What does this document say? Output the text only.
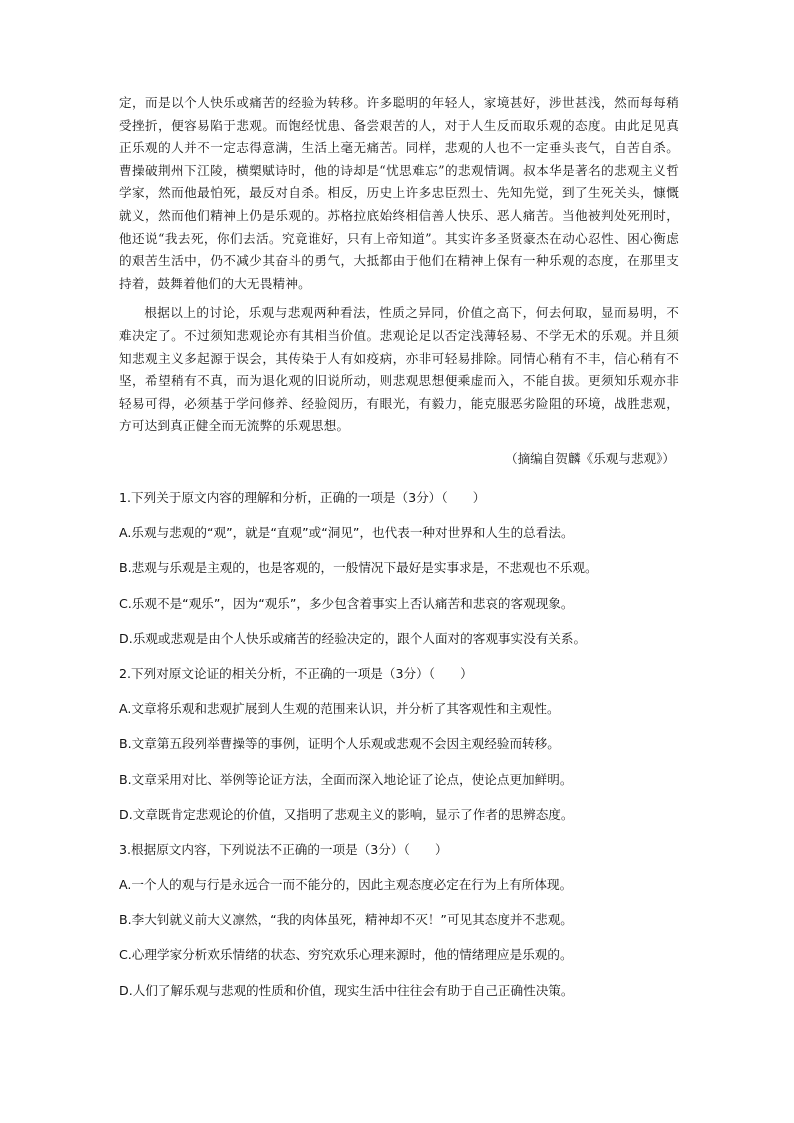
定，而是以个人快乐或痛苦的经验为转移。许多聪明的年轻人，家境甚好，涉世甚浅，然而每每稍受挫折，便容易陷于悲观。而饱经忧患、备尝艰苦的人，对于人生反而取乐观的态度。由此足见真正乐观的人并不一定志得意满，生活上毫无痛苦。同样，悲观的人也不一定垂头丧气，自苦自杀。曹操破荆州下江陵，横槊赋诗时，他的诗却是“忧思难忘”的悲观情调。叔本华是著名的悲观主义哲学家，然而他最怕死，最反对自杀。相反，历史上许多忠臣烈士、先知先觉，到了生死关头，慷慨就义，然而他们精神上仍是乐观的。苏格拉底始终相信善人快乐、恶人痛苦。当他被判处死刑时，他还说“我去死，你们去活。究竟谁好，只有上帝知道”。其实许多圣贤豪杰在动心忍性、困心衡虑的艰苦生活中，仍不减少其奋斗的勇气，大抵都由于他们在精神上保有一种乐观的态度，在那里支持着，鼓舞着他们的大无畏精神。

根据以上的讨论，乐观与悲观两种看法，性质之异同，价值之高下，何去何取，显而易明，不难决定了。不过须知悲观论亦有其相当价值。悲观论足以否定浅薄轻易、不学无术的乐观。并且须知悲观主义多起源于误会，其传染于人有如疫病，亦非可轻易排除。同情心稍有不丰，信心稍有不坚，希望稍有不真，而为退化观的旧说所动，则悲观思想便乘虚而入，不能自拔。更须知乐观亦非轻易可得，必须基于学问修养、经验阅历，有眼光，有毅力，能克服恶劣险阻的环境，战胜悲观，方可达到真正健全而无流弊的乐观思想。

（摘编自贺麟《乐观与悲观》）
1.下列关于原文内容的理解和分析，正确的一项是（3分）（　　）
A.乐观与悲观的“观”，就是“直观”或“洞见”，也代表一种对世界和人生的总看法。
B.悲观与乐观是主观的，也是客观的，一般情况下最好是实事求是，不悲观也不乐观。
C.乐观不是“观乐”，因为“观乐”，多少包含着事实上否认痛苦和悲哀的客观现象。
D.乐观或悲观是由个人快乐或痛苦的经验决定的，跟个人面对的客观事实没有关系。
2.下列对原文论证的相关分析，不正确的一项是（3分）（　　）
A.文章将乐观和悲观扩展到人生观的范围来认识，并分析了其客观性和主观性。
B.文章第五段列举曹操等的事例，证明个人乐观或悲观不会因主观经验而转移。
B.文章采用对比、举例等论证方法，全面而深入地论证了论点，使论点更加鲜明。
D.文章既肯定悲观论的价值，又指明了悲观主义的影响，显示了作者的思辨态度。
3.根据原文内容，下列说法不正确的一项是（3分）（　　）
A.一个人的观与行是永远合一而不能分的，因此主观态度必定在行为上有所体现。
B.李大钊就义前大义凛然，“我的肉体虽死，精神却不灭！”可见其态度并不悲观。
C.心理学家分析欢乐情绪的状态、穷究欢乐心理来源时，他的情绪理应是乐观的。
D.人们了解乐观与悲观的性质和价值，现实生活中往往会有助于自己正确性决策。
